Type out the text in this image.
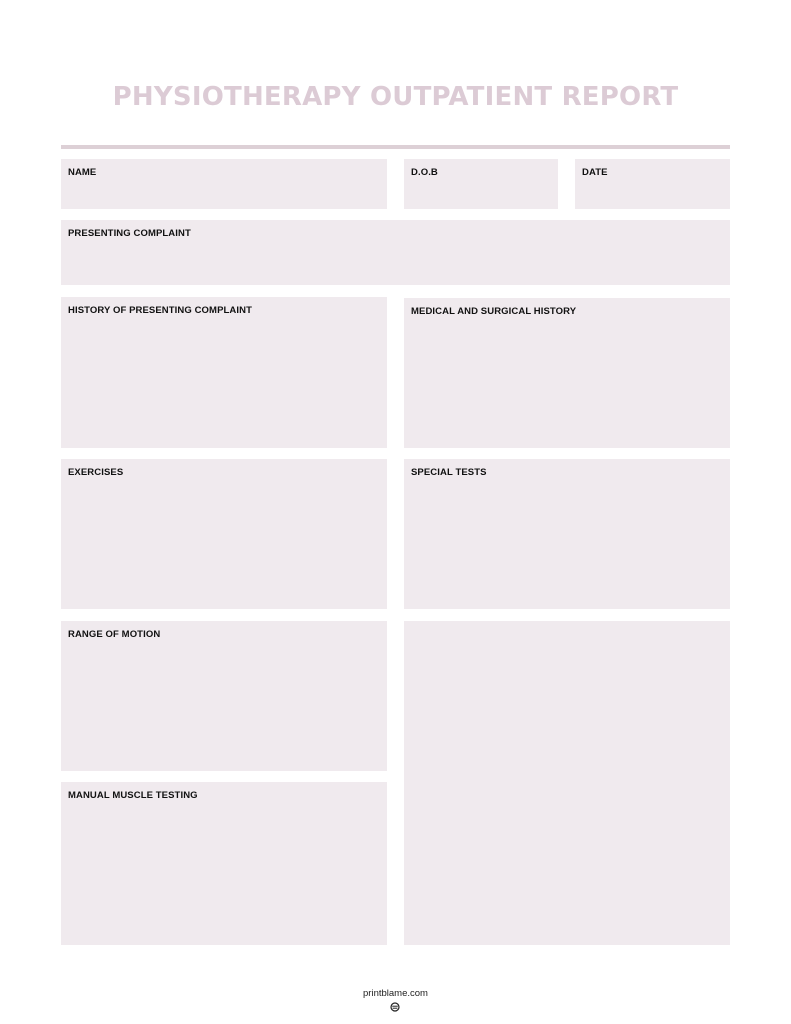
PHYSIOTHERAPY OUTPATIENT REPORT
NAME	D.O.B	DATE
PRESENTING COMPLAINT
HISTORY OF PRESENTING COMPLAINT	MEDICAL AND SURGICAL HISTORY
EXERCISES	SPECIAL TESTS
RANGE OF MOTION
MANUAL MUSCLE TESTING
printblame.com
